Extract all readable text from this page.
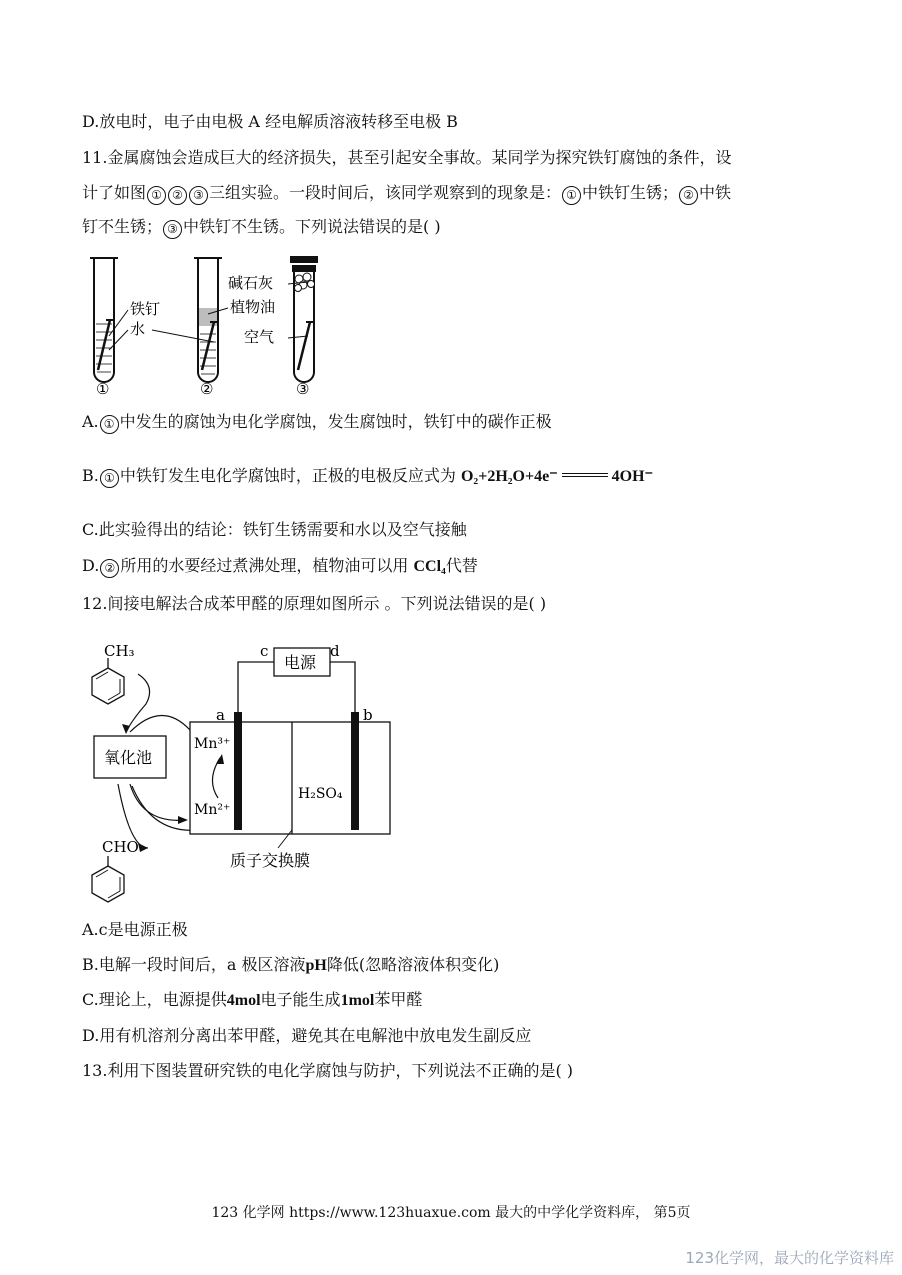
D.放电时，电子由电极 A 经电解质溶液转移至电极 B
11.金属腐蚀会造成巨大的经济损失，甚至引起安全事故。某同学为探究铁钉腐蚀的条件，设
计了如图 ① ② ③ 三组实验。一段时间后，该同学观察到的现象是： ① 中铁钉生锈； ② 中铁
钉不生锈； ③ 中铁钉不生锈。下列说法错误的是( )
铁钉
水
碱石灰
植物油
空气
①	②	③
A. ① 中发生的腐蚀为电化学腐蚀，发生腐蚀时，铁钉中的碳作正极
B. ① 中铁钉发生电化学腐蚀时，正极的电极反应式为 O₂+2H₂O+4e⁻	4OH⁻
C.此实验得出的结论：铁钉生锈需要和水以及空气接触
D. ② 所用的水要经过煮沸处理，植物油可以用 CCl₄代替
12.间接电解法合成苯甲醛的原理如图所示 。下列说法错误的是( )
CH₃
氧化池
CHO
电源
c	d
a	b
Mn³⁺
Mn²⁺
H₂SO₄
质子交换膜
A.c是电源正极
B.电解一段时间后，a 极区溶液pH降低(忽略溶液体积变化)
C.理论上，电源提供4mol电子能生成1mol苯甲醛
D.用有机溶剂分离出苯甲醛，避免其在电解池中放电发生副反应
13.利用下图装置研究铁的电化学腐蚀与防护，下列说法不正确的是( )
123 化学网 https://www.123huaxue.com 最大的中学化学资料库， 第5页
123化学网，最大的化学资料库
